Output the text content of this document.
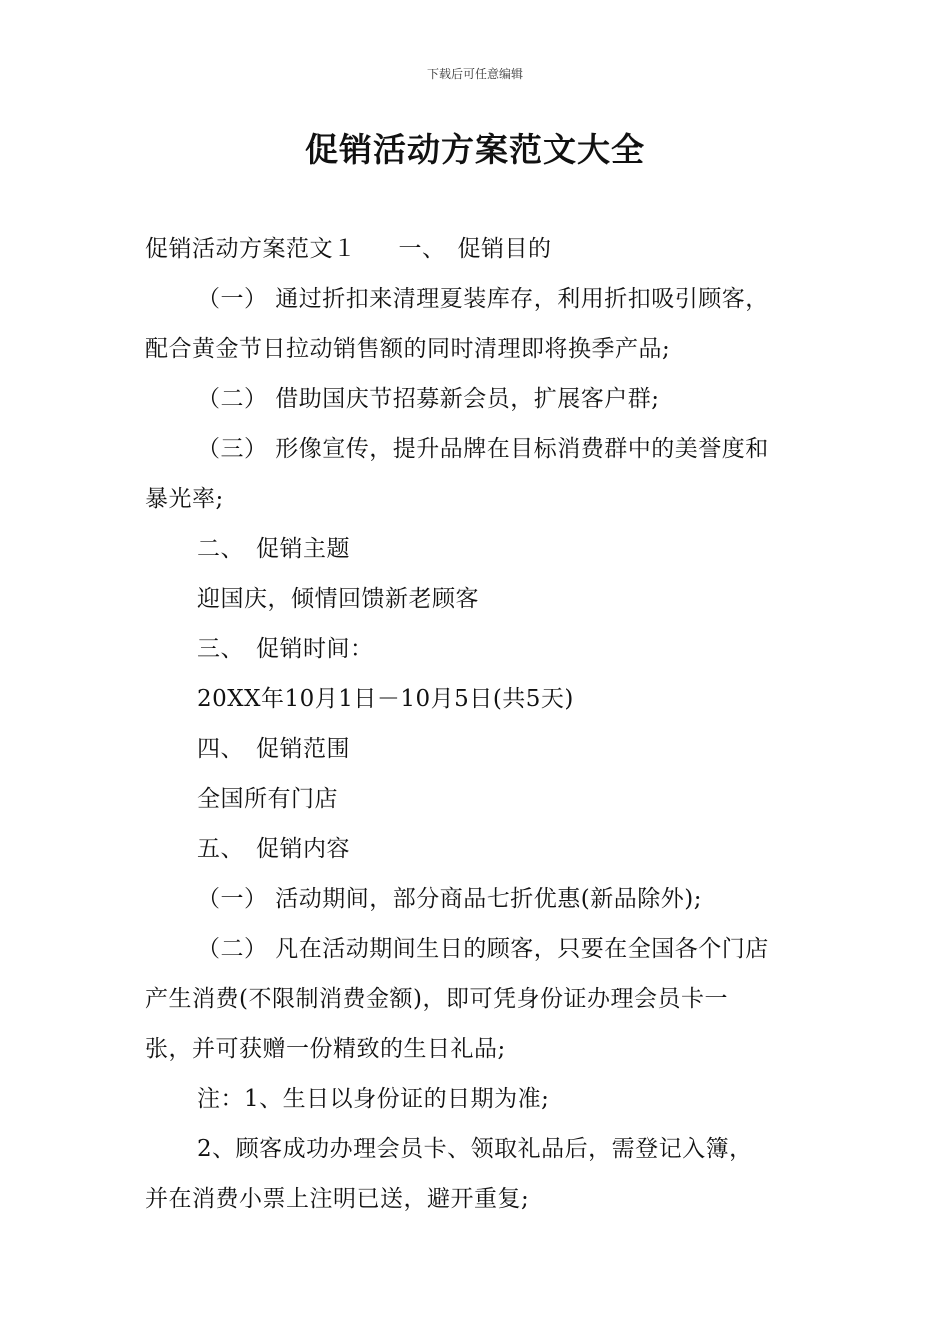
下载后可任意编辑
促销活动方案范文大全

促销活动方案范文１ 一、　促销目的

（一） 通过折扣来清理夏装库存，利用折扣吸引顾客，

配合黄金节日拉动销售额的同时清理即将换季产品;

（二） 借助国庆节招募新会员，扩展客户群;

（三） 形像宣传，提升品牌在目标消费群中的美誉度和

暴光率;

二、　促销主题

迎国庆，倾情回馈新老顾客

三、　促销时间：

20XX年10月1日－10月5日(共5天)

四、　促销范围

全国所有门店

五、　促销内容

（一） 活动期间，部分商品七折优惠(新品除外);

（二） 凡在活动期间生日的顾客，只要在全国各个门店

产生消费(不限制消费金额)，即可凭身份证办理会员卡一

张，并可获赠一份精致的生日礼品;

注：1、生日以身份证的日期为准;

2、顾客成功办理会员卡、领取礼品后，需登记入簿，

并在消费小票上注明已送，避开重复;
